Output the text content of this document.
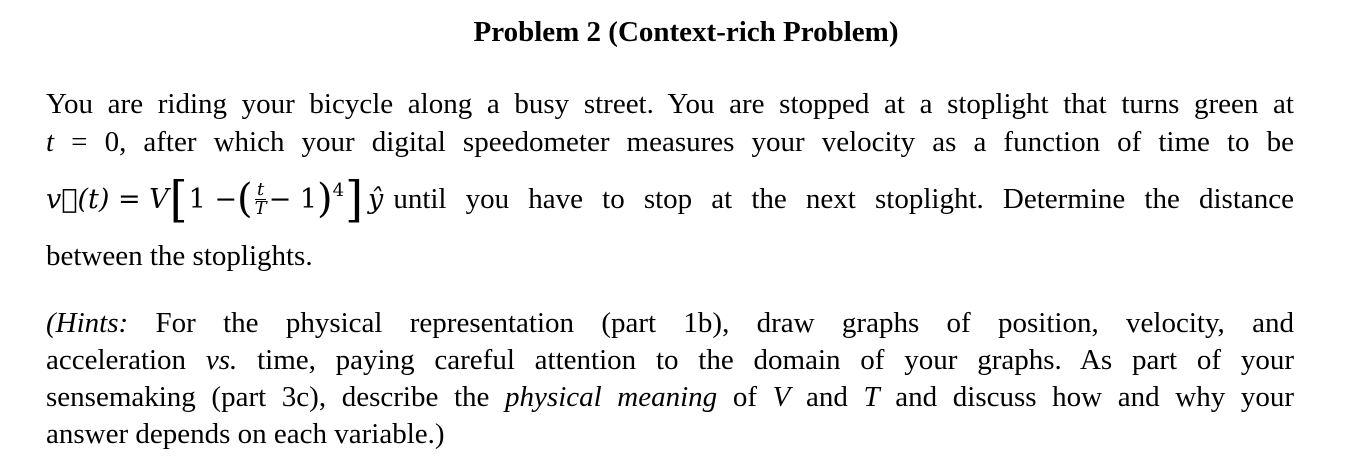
Problem 2 (Context-rich Problem)
You are riding your bicycle along a busy street. You are stopped at a stoplight that turns green at
t = 0, after which your digital speedometer measures your velocity as a function of time to be
v⃗(t) = V [ 1 − ( $\frac{t}{T} - 1$ ) 4 ] ŷ until you have to stop at the next stoplight. Determine the distance
between the stoplights.
(Hints: For the physical representation (part 1b), draw graphs of position, velocity, and
acceleration vs. time, paying careful attention to the domain of your graphs. As part of your
sensemaking (part 3c), describe the physical meaning of V and T and discuss how and why your
answer depends on each variable.)
